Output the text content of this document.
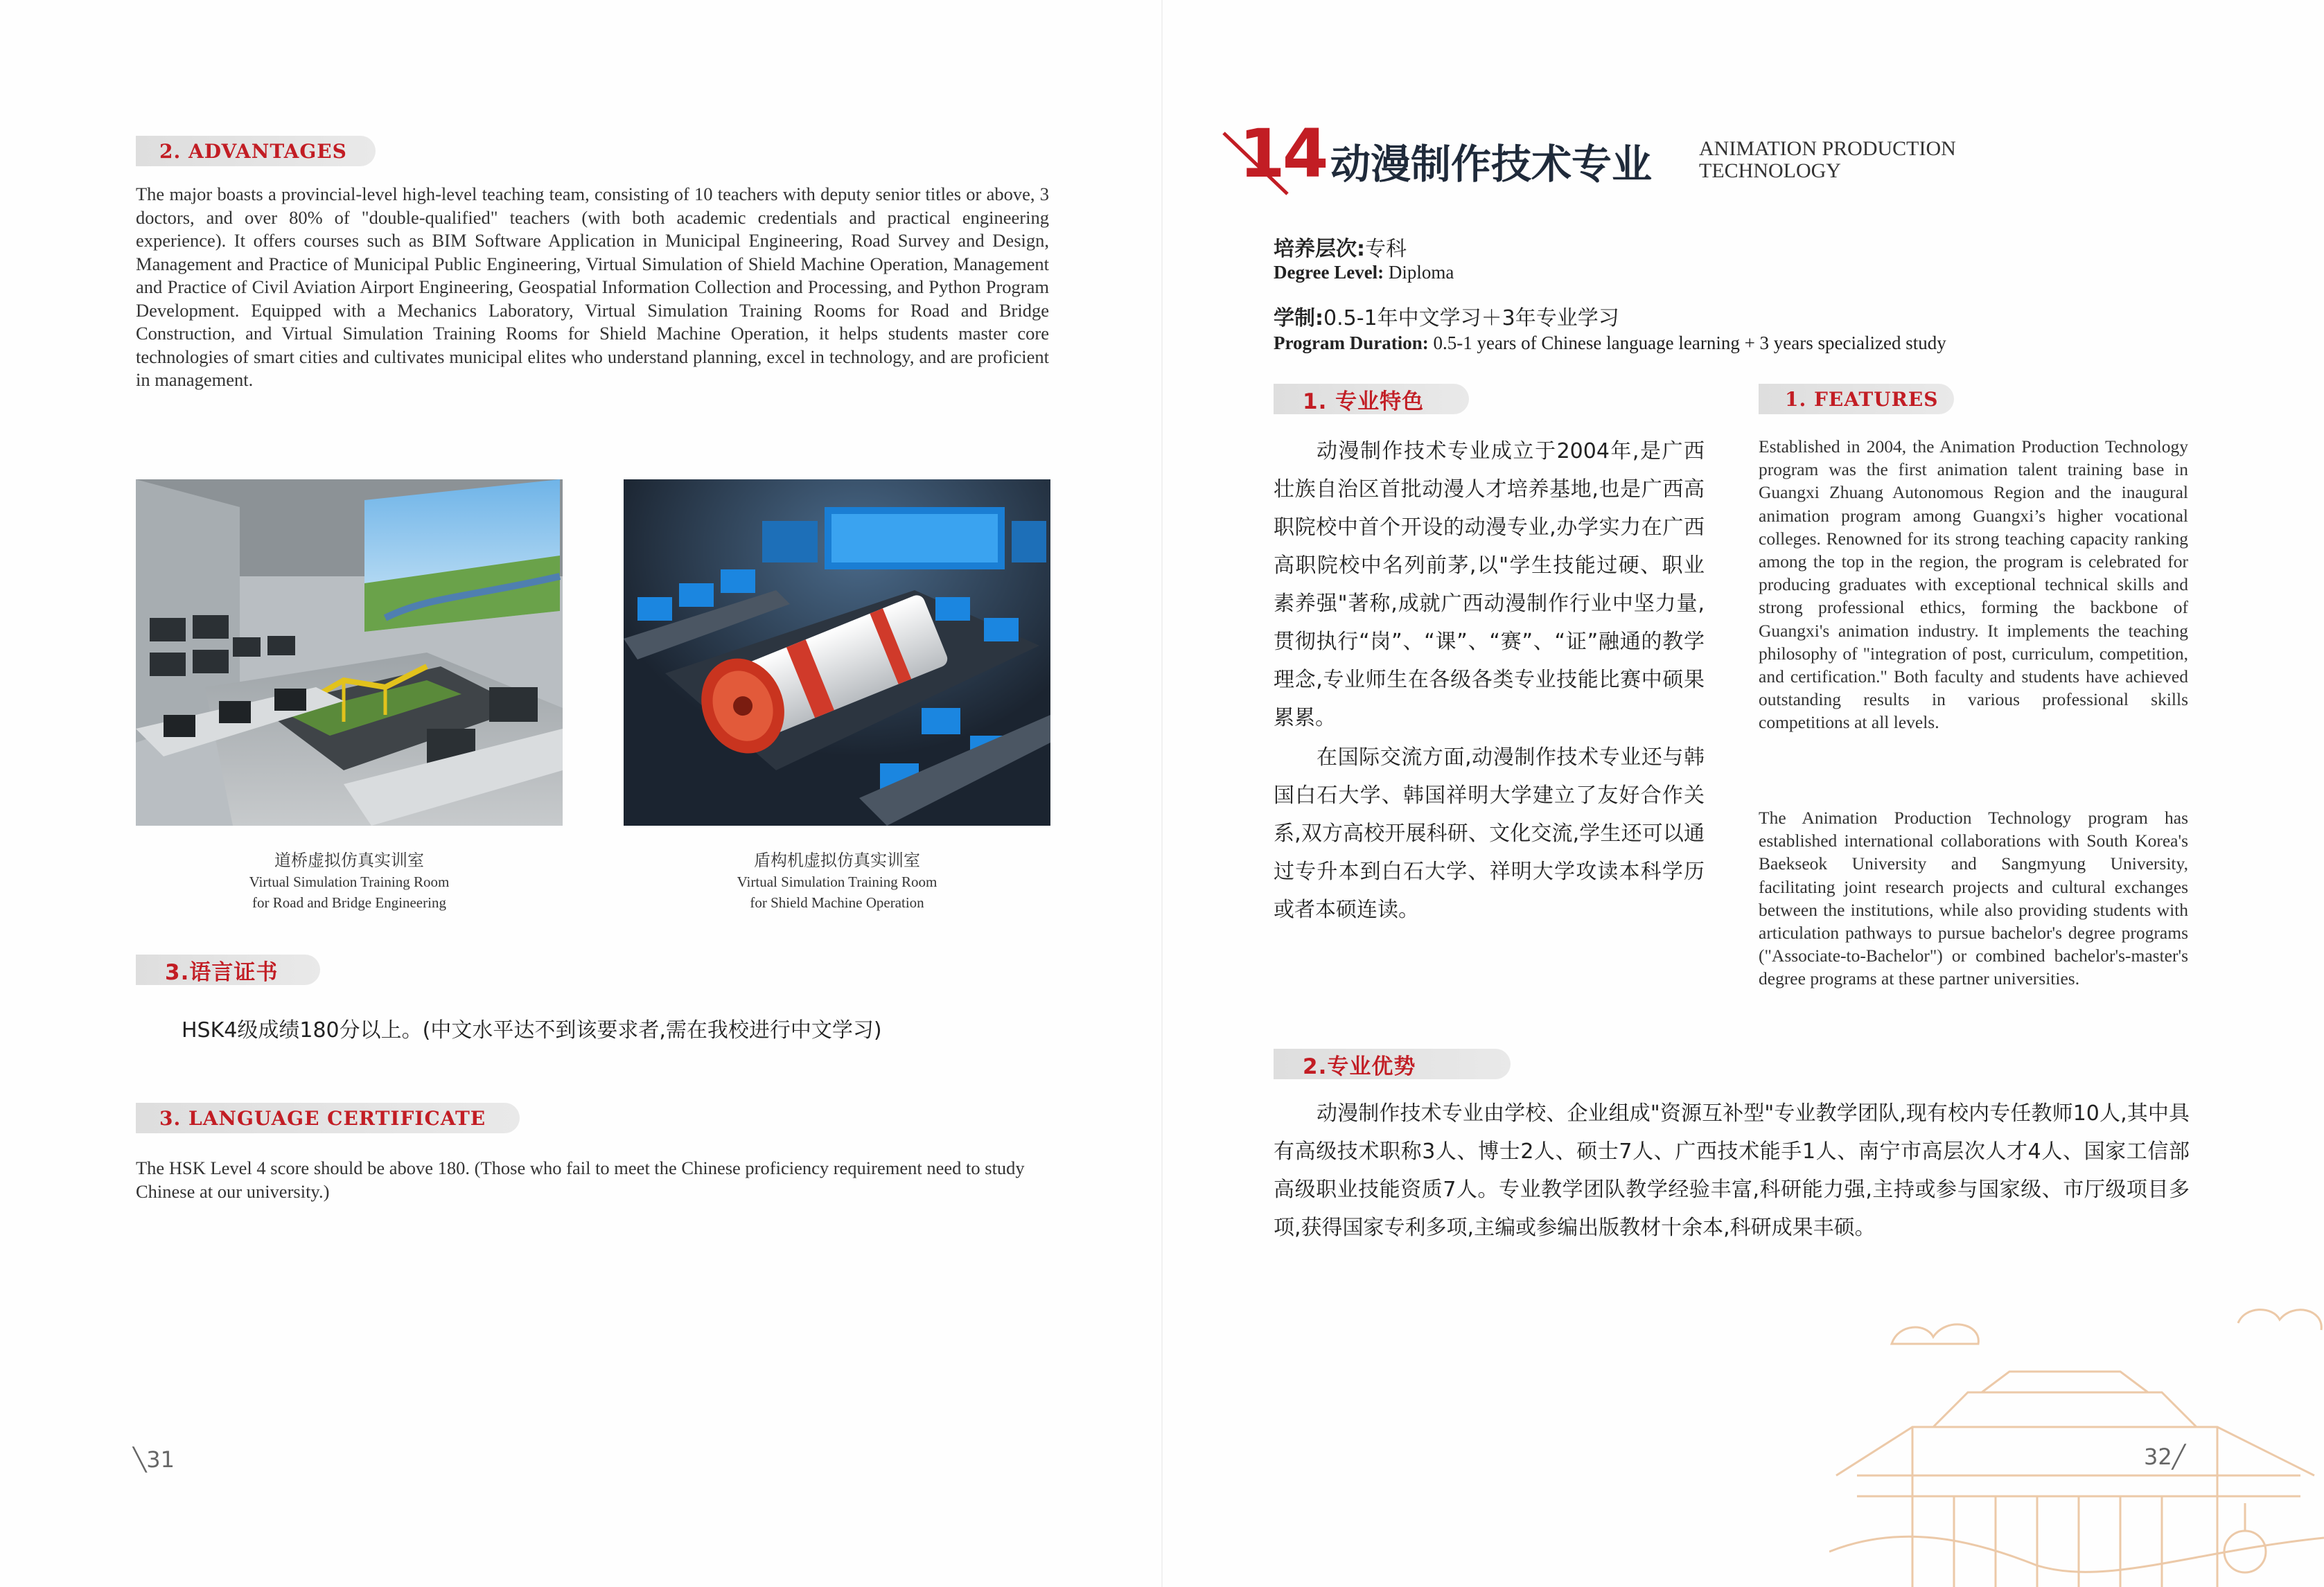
2. ADVANTAGES
The major boasts a provincial-level high-level teaching team, consisting of 10 teachers with deputy senior titles or above, 3 doctors, and over 80% of "double-qualified" teachers (with both academic credentials and practical engineering experience). It offers courses such as BIM Software Application in Municipal Engineering, Road Survey and Design, Management and Practice of Municipal Public Engineering, Virtual Simulation of Shield Machine Operation, Management and Practice of Civil Aviation Airport Engineering, Geospatial Information Collection and Processing, and Python Program Development. Equipped with a Mechanics Laboratory, Virtual Simulation Training Rooms for Road and Bridge Construction, and Virtual Simulation Training Rooms for Shield Machine Operation, it helps students master core technologies of smart cities and cultivates municipal elites who understand planning, excel in technology, and are proficient in management.
道桥虚拟仿真实训室
Virtual Simulation Training Room
for Road and Bridge Engineering
盾构机虚拟仿真实训室
Virtual Simulation Training Room
for Shield Machine Operation
3.语言证书
HSK4级成绩180分以上。(中文水平达不到该要求者,需在我校进行中文学习)
3. LANGUAGE CERTIFICATE
The HSK Level 4 score should be above 180. (Those who fail to meet the Chinese proficiency requirement need to study Chinese at our university.)
╲31
14 动漫制作技术专业 ANIMATION PRODUCTION
TECHNOLOGY
培养层次:专科
Degree Level: Diploma
学制:0.5-1年中文学习＋3年专业学习
Program Duration: 0.5-1 years of Chinese language learning + 3 years specialized study
1. 专业特色	1. FEATURES
动漫制作技术专业成立于2004年,是广西壮族自治区首批动漫人才培养基地,也是广西高职院校中首个开设的动漫专业,办学实力在广西高职院校中名列前茅,以"学生技能过硬、职业素养强"著称,成就广西动漫制作行业中坚力量,贯彻执行“岗”、“课”、“赛”、“证”融通的教学理念,专业师生在各级各类专业技能比赛中硕果累累。
在国际交流方面,动漫制作技术专业还与韩国白石大学、韩国祥明大学建立了友好合作关系,双方高校开展科研、文化交流,学生还可以通过专升本到白石大学、祥明大学攻读本科学历或者本硕连读。
Established in 2004, the Animation Production Technology program was the first animation talent training base in Guangxi Zhuang Autonomous Region and the inaugural animation program among Guangxi’s higher vocational colleges. Renowned for its strong teaching capacity ranking among the top in the region, the program is celebrated for producing graduates with exceptional technical skills and strong professional ethics, forming the backbone of Guangxi's animation industry. It implements the teaching philosophy of "integration of post, curriculum, competition, and certification." Both faculty and students have achieved outstanding results in various professional skills competitions at all levels.
The Animation Production Technology program has established international collaborations with South Korea's Baekseok University and Sangmyung University, facilitating joint research projects and cultural exchanges between the institutions, while also providing students with articulation pathways to pursue bachelor's degree programs ("Associate-to-Bachelor") or combined bachelor's-master's degree programs at these partner universities.
2.专业优势
动漫制作技术专业由学校、企业组成"资源互补型"专业教学团队,现有校内专任教师10人,其中具有高级技术职称3人、博士2人、硕士7人、广西技术能手1人、南宁市高层次人才4人、国家工信部高级职业技能资质7人。专业教学团队教学经验丰富,科研能力强,主持或参与国家级、市厅级项目多项,获得国家专利多项,主编或参编出版教材十余本,科研成果丰硕。
32╱
